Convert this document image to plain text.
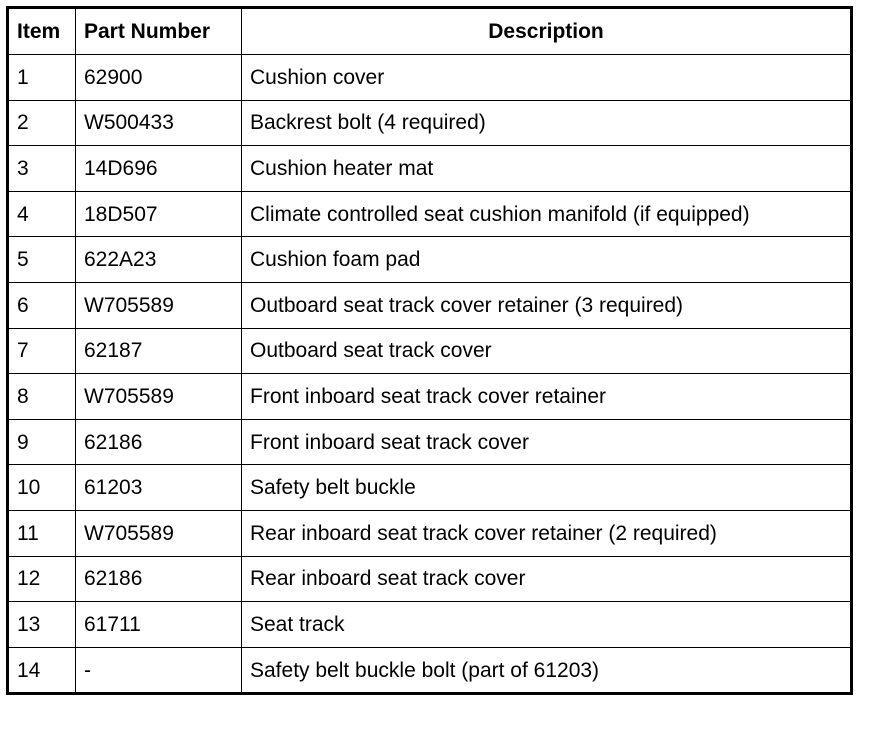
Item	Part Number	Description
1	62900	Cushion cover
2	W500433	Backrest bolt (4 required)
3	14D696	Cushion heater mat
4	18D507	Climate controlled seat cushion manifold (if equipped)
5	622A23	Cushion foam pad
6	W705589	Outboard seat track cover retainer (3 required)
7	62187	Outboard seat track cover
8	W705589	Front inboard seat track cover retainer
9	62186	Front inboard seat track cover
10	61203	Safety belt buckle
11	W705589	Rear inboard seat track cover retainer (2 required)
12	62186	Rear inboard seat track cover
13	61711	Seat track
14	-	Safety belt buckle bolt (part of 61203)
